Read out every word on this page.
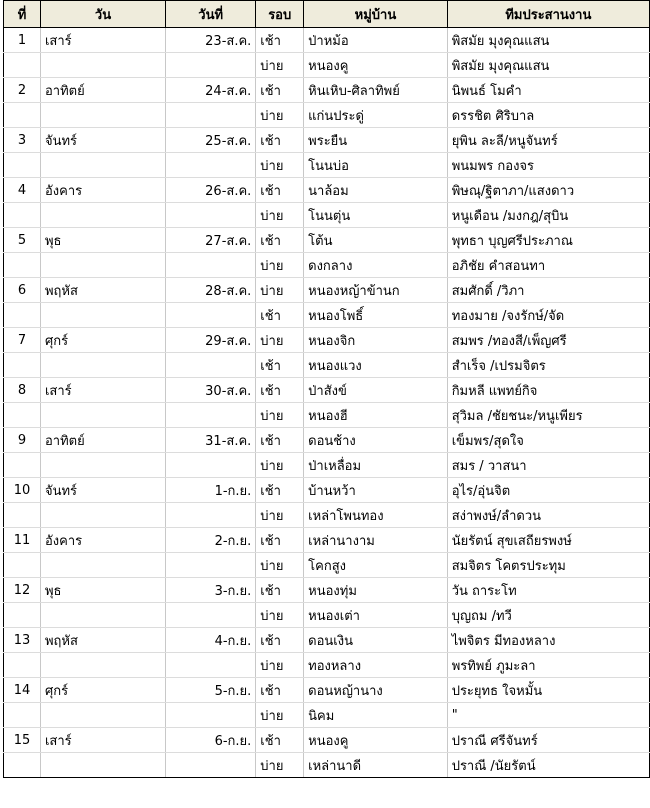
ที่	วัน	วันที่	รอบ	หมู่บ้าน	ทีมประสานงาน
1	เสาร์	23-ส.ค.	เช้า	ป่าหม้อ	พิสมัย มุงคุณแสน
			บ่าย	หนองคู	พิสมัย มุงคุณแสน
2	อาทิตย์	24-ส.ค.	เช้า	หินเหิบ-ศิลาทิพย์	นิพนธ์ โมคำ
			บ่าย	แก่นประดู่	ดรรชิต ศิริบาล
3	จันทร์	25-ส.ค.	เช้า	พระยืน	ยุพิน ละลี/หนูจันทร์
			บ่าย	โนนบ่อ	พนมพร กองจร
4	อังคาร	26-ส.ค.	เช้า	นาล้อม	พิษณุ/ฐิตาภา/แสงดาว
			บ่าย	โนนตุ่น	หนูเดือน /มงกฎ/สุบิน
5	พุธ	27-ส.ค.	เช้า	โต้น	พุทธา บุญศรีประภาณ
			บ่าย	ดงกลาง	อภิชัย คำสอนทา
6	พฤหัส	28-ส.ค.	บ่าย	หนองหญ้าข้านก	สมศักดิ์ /วิภา
			เช้า	หนองโพธิ์	ทองมาย /จงรักษ์/จัด
7	ศุกร์	29-ส.ค.	บ่าย	หนองจิก	สมพร /ทองสี/เพ็ญศรี
			เช้า	หนองแวง	สำเร็จ /เปรมจิตร
8	เสาร์	30-ส.ค.	เช้า	ป่าสังข์	กิมหลี แพทย์กิจ
			บ่าย	หนองฮี	สุวิมล /ชัยชนะ/หนูเพียร
9	อาทิตย์	31-ส.ค.	เช้า	ดอนช้าง	เข็มพร/สุดใจ
			บ่าย	ป่าเหลื่อม	สมร / วาสนา
10	จันทร์	1-ก.ย.	เช้า	บ้านหว้า	อุไร/อุ่นจิต
			บ่าย	เหล่าโพนทอง	สง่าพงษ์/ลำดวน
11	อังคาร	2-ก.ย.	เช้า	เหล่านางาม	นัยรัตน์ สุขเสถียรพงษ์
			บ่าย	โคกสูง	สมจิตร โคตรประทุม
12	พุธ	3-ก.ย.	เช้า	หนองทุ่ม	วัน ถาระโท
			บ่าย	หนองเต่า	บุญถม /ทวี
13	พฤหัส	4-ก.ย.	เช้า	ดอนเงิน	ไพจิตร มีทองหลาง
			บ่าย	ทองหลาง	พรทิพย์ ภูมะลา
14	ศุกร์	5-ก.ย.	เช้า	ดอนหญ้านาง	ประยุทธ ใจหมั้น
			บ่าย	นิคม	"
15	เสาร์	6-ก.ย.	เช้า	หนองคู	ปราณี ศรีจันทร์
			บ่าย	เหล่านาดี	ปราณี /นัยรัตน์
